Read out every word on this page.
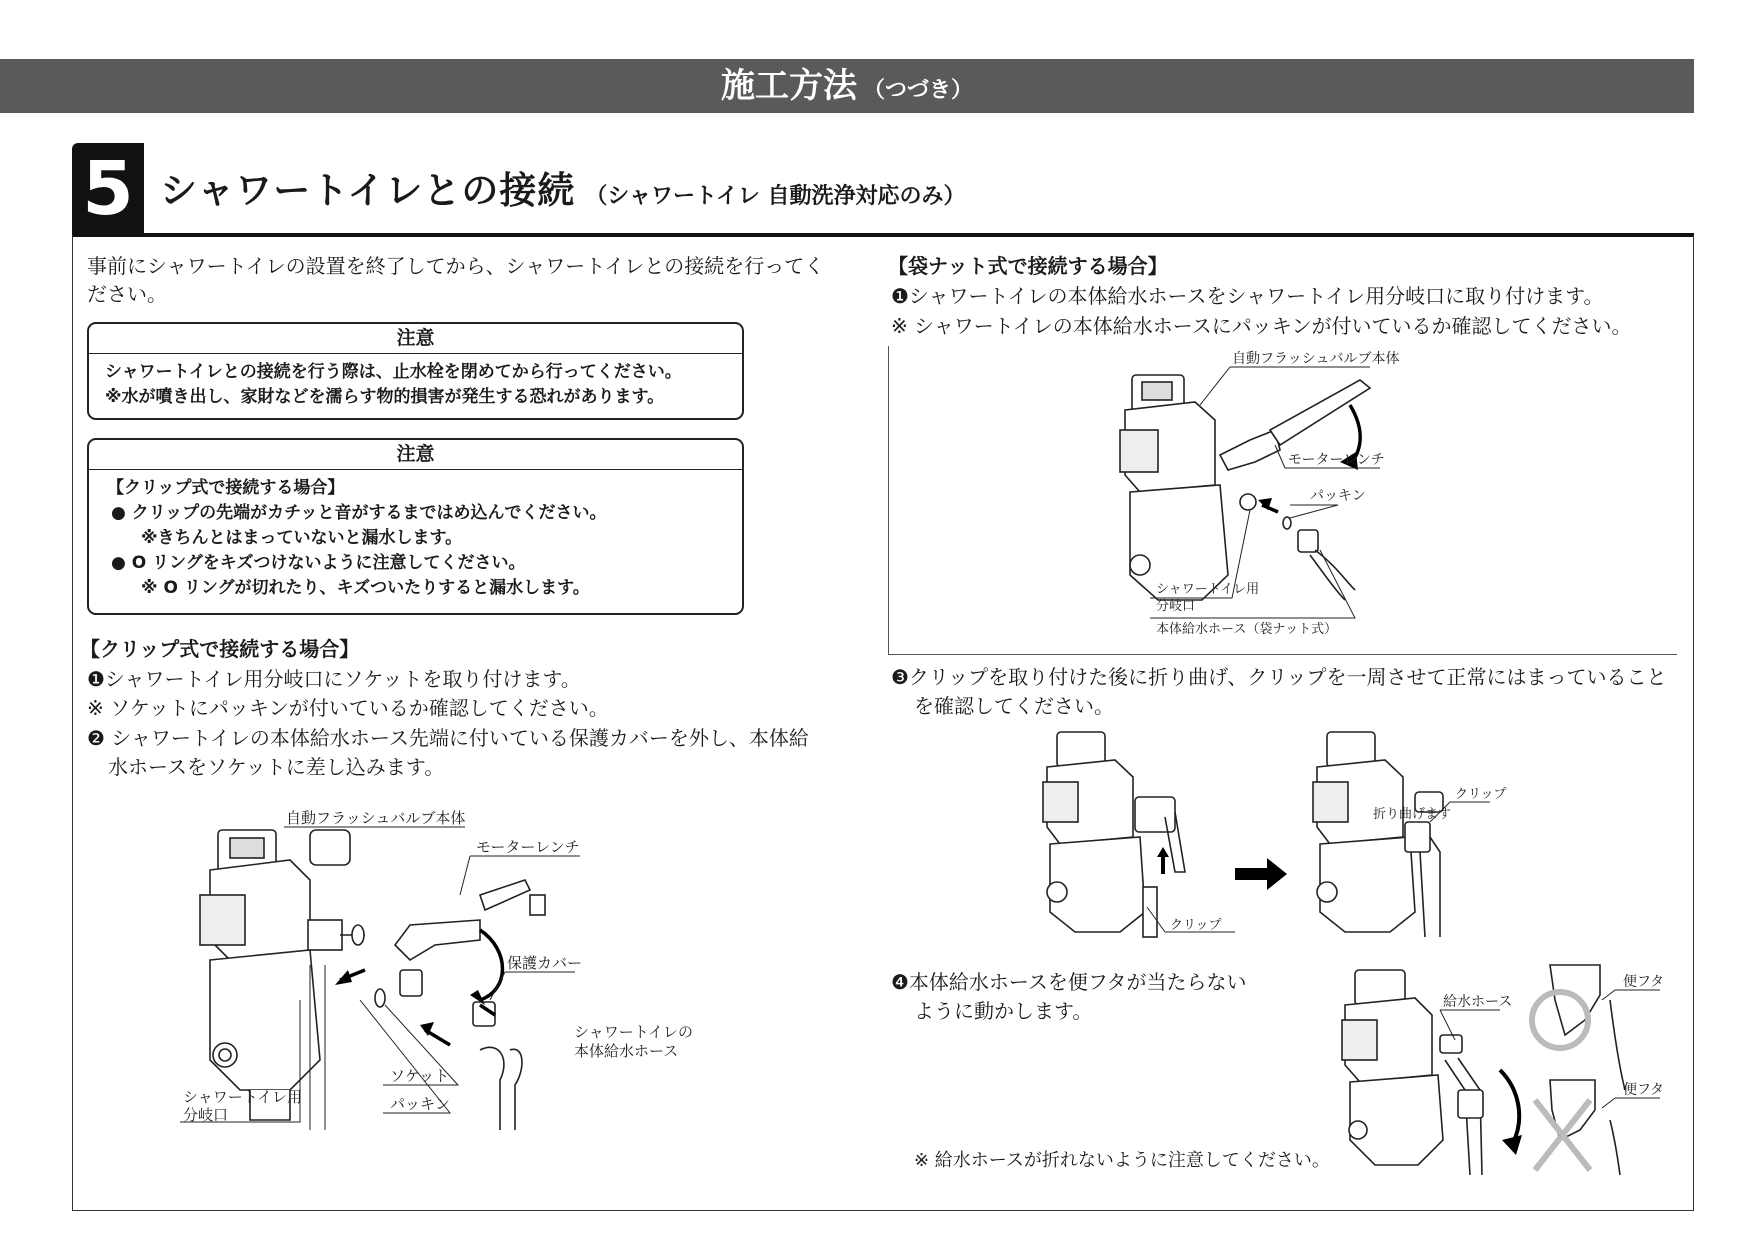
施工方法 （つづき）
5 シャワートイレとの接続 （シャワートイレ 自動洗浄対応のみ）
事前にシャワートイレの設置を終了してから、シャワートイレとの接続を行ってく
ださい。
注意
シャワートイレとの接続を行う際は、止水栓を閉めてから行ってください。
※水が噴き出し、家財などを濡らす物的損害が発生する恐れがあります。
注意
【クリップ式で接続する場合】
● クリップの先端がカチッと音がするまではめ込んでください。
※きちんとはまっていないと漏水します。
● O リングをキズつけないように注意してください。
※ O リングが切れたり、キズついたりすると漏水します。
【クリップ式で接続する場合】
❶シャワートイレ用分岐口にソケットを取り付けます。
※ ソケットにパッキンが付いているか確認してください。
❷ シャワートイレの本体給水ホース先端に付いている保護カバーを外し、本体給
水ホースをソケットに差し込みます。
自動フラッシュバルブ本体
モーターレンチ
保護カバー
シャワートイレの
本体給水ホース
シャワートイレ用
分岐口
ソケット
パッキン
【袋ナット式で接続する場合】
❶シャワートイレの本体給水ホースをシャワートイレ用分岐口に取り付けます。
※ シャワートイレの本体給水ホースにパッキンが付いているか確認してください。
自動フラッシュバルブ本体
モーターレンチ
パッキン
シャワートイレ用
分岐口
本体給水ホース（袋ナット式）
❸クリップを取り付けた後に折り曲げ、クリップを一周させて正常にはまっていること
を確認してください。
クリップ
クリップ
折り曲げます
❹本体給水ホースを便フタが当たらない
ように動かします。
※ 給水ホースが折れないように注意してください。
給水ホース
便フタ
便フタ
